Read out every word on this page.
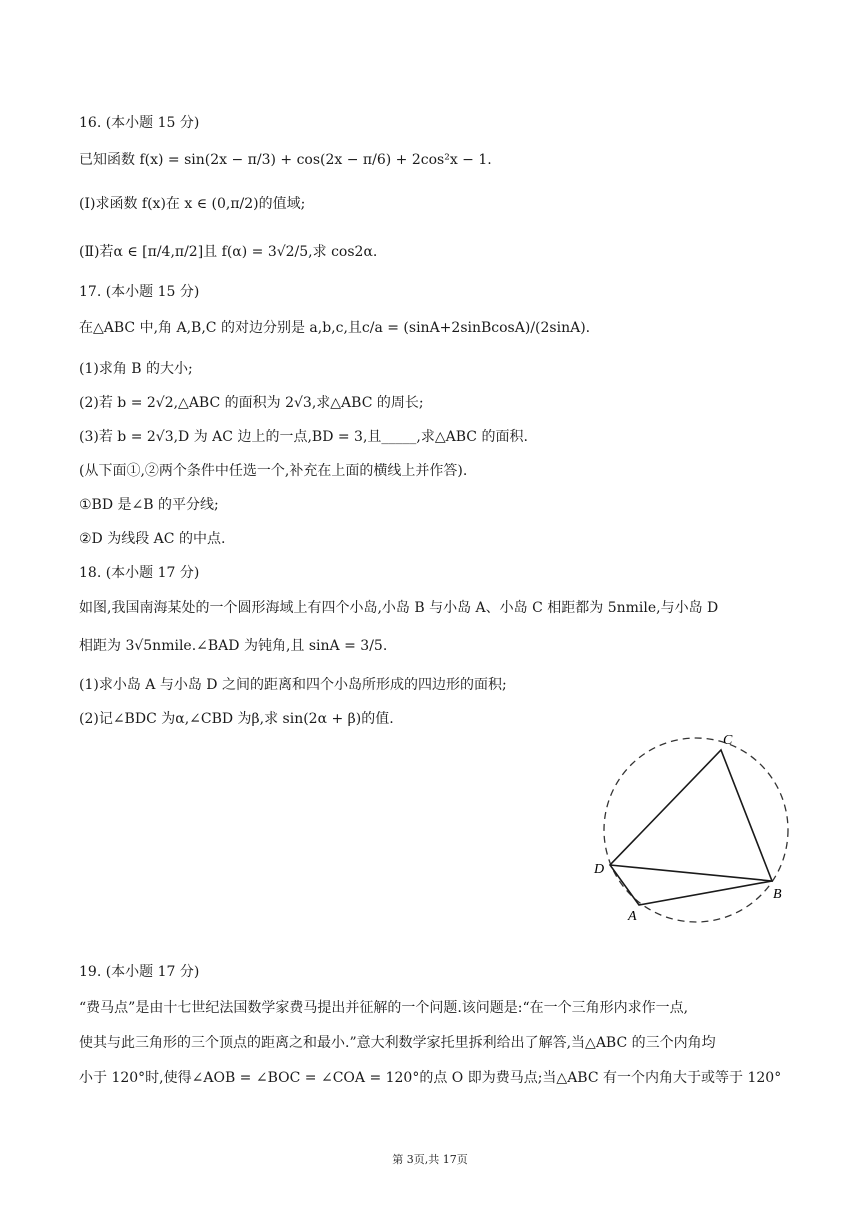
16. (本小题 15 分)
已知函数 f(x) = sin(2x − π/3) + cos(2x − π/6) + 2cos²x − 1.
(Ⅰ)求函数 f(x)在 x ∈ (0,π/2)的值域;
(Ⅱ)若α ∈ [π/4,π/2]且 f(α) = 3√2/5,求 cos2α.
17. (本小题 15 分)
在△ABC 中,角 A,B,C 的对边分别是 a,b,c,且c/a = (sinA+2sinBcosA)/(2sinA).
(1)求角 B 的大小;
(2)若 b = 2√2,△ABC 的面积为 2√3,求△ABC 的周长;
(3)若 b = 2√3,D 为 AC 边上的一点,BD = 3,且_____,求△ABC 的面积.
(从下面①,②两个条件中任选一个,补充在上面的横线上并作答).
①BD 是∠B 的平分线;
②D 为线段 AC 的中点.
18. (本小题 17 分)
如图,我国南海某处的一个圆形海域上有四个小岛,小岛 B 与小岛 A、小岛 C 相距都为 5nmile,与小岛 D
相距为 3√5nmile.∠BAD 为钝角,且 sinA = 3/5.
(1)求小岛 A 与小岛 D 之间的距离和四个小岛所形成的四边形的面积;
(2)记∠BDC 为α,∠CBD 为β,求 sin(2α + β)的值.
C
B
A
D
19. (本小题 17 分)
“费马点”是由十七世纪法国数学家费马提出并征解的一个问题.该问题是:“在一个三角形内求作一点,
使其与此三角形的三个顶点的距离之和最小.”意大利数学家托里拆利给出了解答,当△ABC 的三个内角均
小于 120°时,使得∠AOB = ∠BOC = ∠COA = 120°的点 O 即为费马点;当△ABC 有一个内角大于或等于 120°
第 3页,共 17页
